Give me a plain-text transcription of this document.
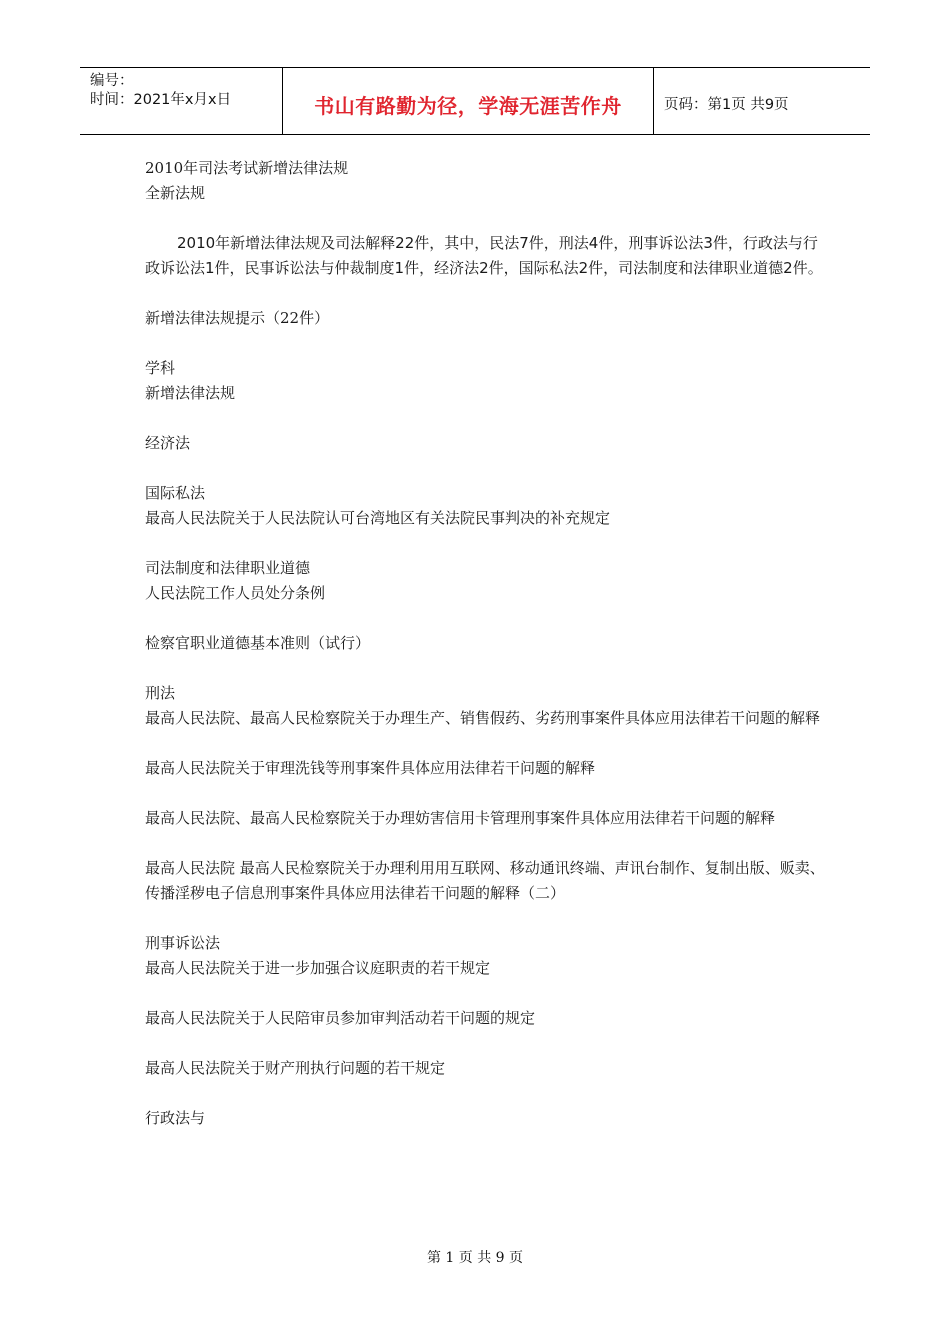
编号：
时间：2021年x月x日	书山有路勤为径，学海无涯苦作舟	页码：第1页 共9页

2010年司法考试新增法律法规

全新法规

2010年新增法律法规及司法解释22件，其中，民法7件，刑法4件，刑事诉讼法3件，行政法与行政诉讼法1件，民事诉讼法与仲裁制度1件，经济法2件，国际私法2件，司法制度和法律职业道德2件。

新增法律法规提示（22件）

学科

新增法律法规

经济法

国际私法

最高人民法院关于人民法院认可台湾地区有关法院民事判决的补充规定

司法制度和法律职业道德

人民法院工作人员处分条例

检察官职业道德基本准则（试行）

刑法

最高人民法院、最高人民检察院关于办理生产、销售假药、劣药刑事案件具体应用法律若干问题的解释

最高人民法院关于审理洗钱等刑事案件具体应用法律若干问题的解释

最高人民法院、最高人民检察院关于办理妨害信用卡管理刑事案件具体应用法律若干问题的解释

最高人民法院 最高人民检察院关于办理利用用互联网、移动通讯终端、声讯台制作、复制出版、贩卖、传播淫秽电子信息刑事案件具体应用法律若干问题的解释（二）

刑事诉讼法

最高人民法院关于进一步加强合议庭职责的若干规定

最高人民法院关于人民陪审员参加审判活动若干问题的规定

最高人民法院关于财产刑执行问题的若干规定

行政法与

第 1 页 共 9 页
